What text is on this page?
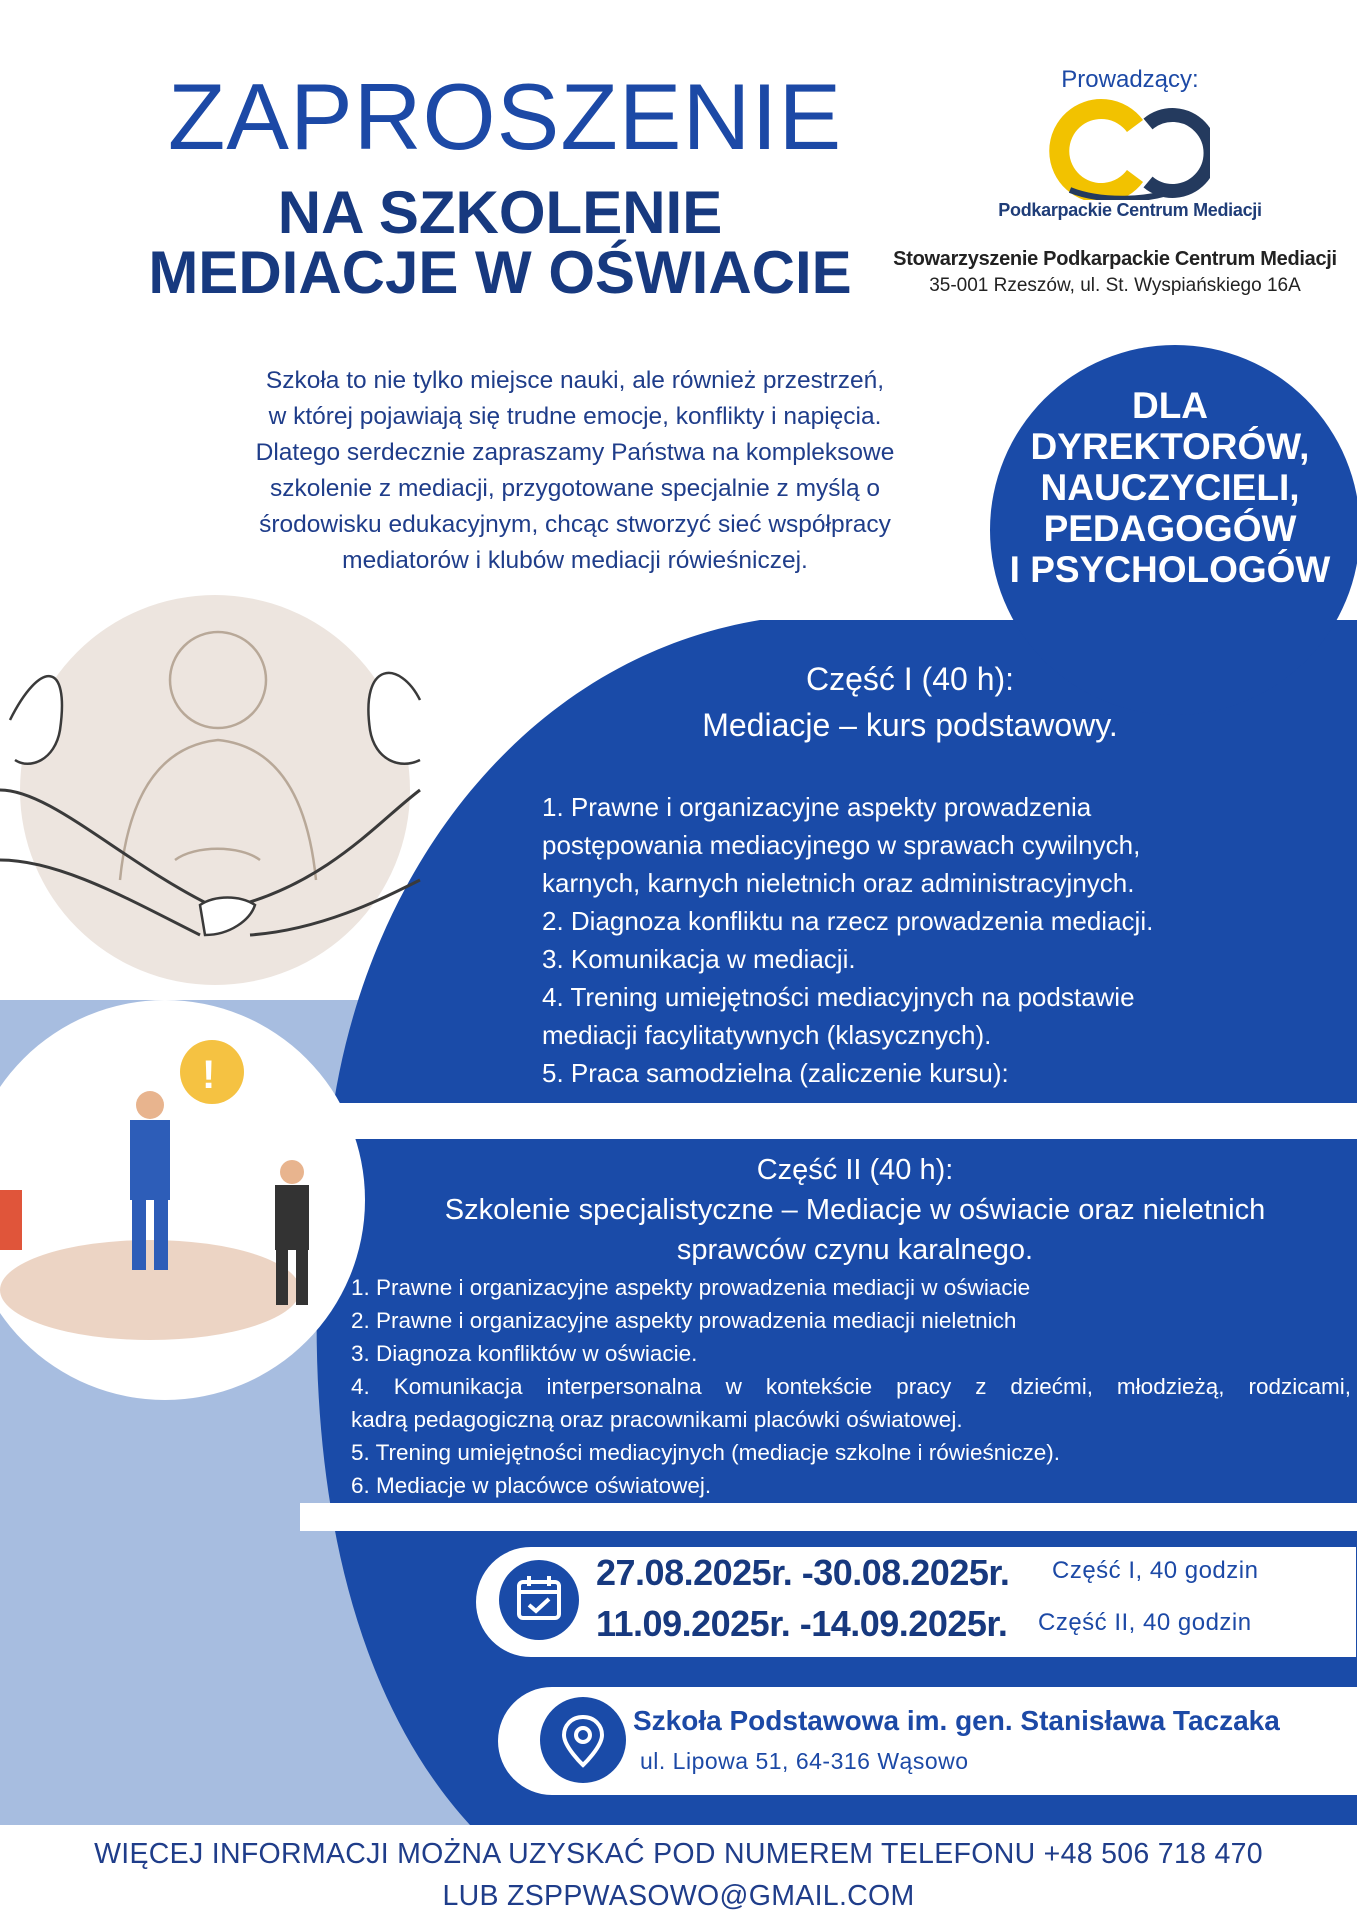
!
ZAPROSZENIE
NA SZKOLENIE
MEDIACJE W OŚWIACIE
Prowadzący:
Podkarpackie Centrum Mediacji
Stowarzyszenie Podkarpackie Centrum Mediacji
35-001 Rzeszów, ul. St. Wyspiańskiego 16A
Szkoła to nie tylko miejsce nauki, ale również przestrzeń,
w której pojawiają się trudne emocje, konflikty i napięcia.
Dlatego serdecznie zapraszamy Państwa na kompleksowe
szkolenie z mediacji, przygotowane specjalnie z myślą o
środowisku edukacyjnym, chcąc stworzyć sieć współpracy
mediatorów i klubów mediacji rówieśniczej.
DLA
DYREKTORÓW,
NAUCZYCIELI,
PEDAGOGÓW
I PSYCHOLOGÓW
Część I (40 h):
Mediacje – kurs podstawowy.
1. Prawne i organizacyjne aspekty prowadzenia
postępowania mediacyjnego w sprawach cywilnych,
karnych, karnych nieletnich oraz administracyjnych.
2. Diagnoza konfliktu na rzecz prowadzenia mediacji.
3. Komunikacja w mediacji.
4. Trening umiejętności mediacyjnych na podstawie
mediacji facylitatywnych (klasycznych).
5. Praca samodzielna (zaliczenie kursu):
Część II (40 h):
Szkolenie specjalistyczne – Mediacje w oświacie oraz nieletnich
sprawców czynu karalnego.
1. Prawne i organizacyjne aspekty prowadzenia mediacji w oświacie
2. Prawne i organizacyjne aspekty prowadzenia mediacji nieletnich
3. Diagnoza konfliktów w oświacie.
4. Komunikacja interpersonalna w kontekście pracy z dziećmi, młodzieżą, rodzicami,
kadrą pedagogiczną oraz pracownikami placówki oświatowej.
5. Trening umiejętności mediacyjnych (mediacje szkolne i rówieśnicze).
6. Mediacje w placówce oświatowej.
27.08.2025r. -30.08.2025r. Część I, 40 godzin
11.09.2025r. -14.09.2025r. Część II, 40 godzin
Szkoła Podstawowa im. gen. Stanisława Taczaka
ul. Lipowa 51, 64-316 Wąsowo
WIĘCEJ INFORMACJI MOŻNA UZYSKAĆ POD NUMEREM TELEFONU +48 506 718 470
LUB ZSPPWASOWO@GMAIL.COM
